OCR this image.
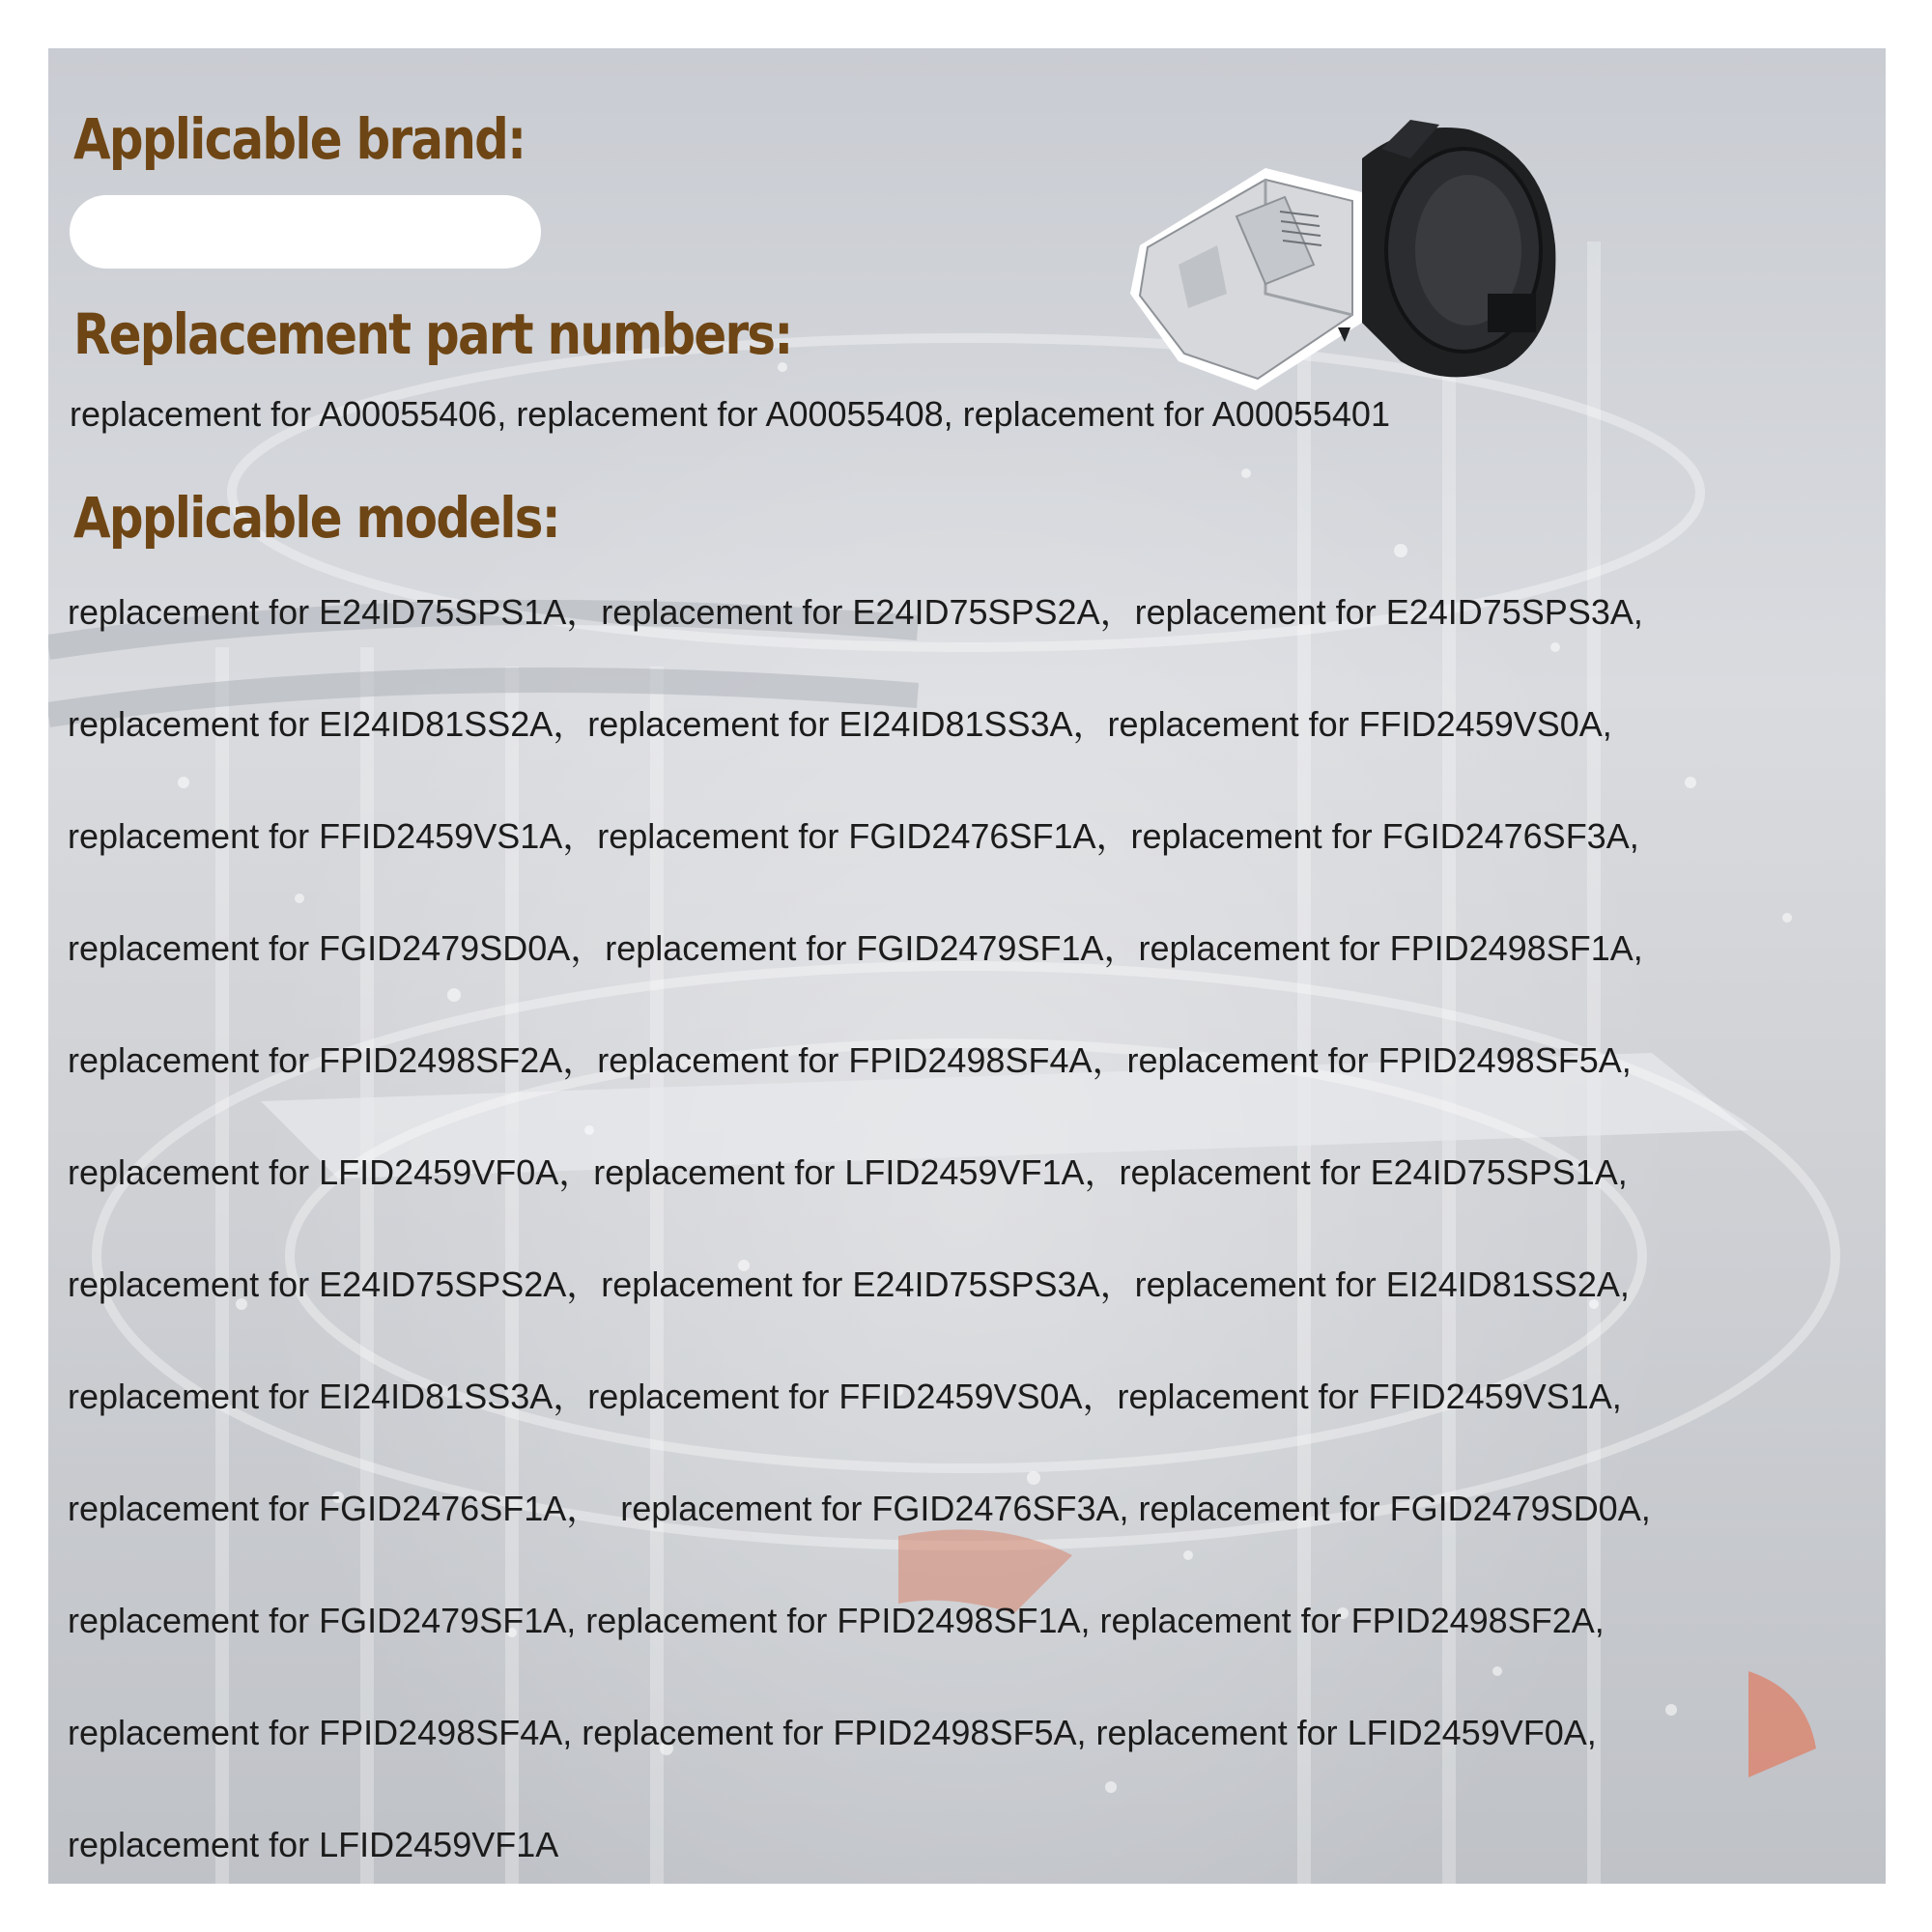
Applicable brand:
Replacement part numbers:

replacement for A00055406, replacement for A00055408, replacement for A00055401

Applicable models:

replacement for E24ID75SPS1A，replacement for E24ID75SPS2A，replacement for E24ID75SPS3A,

replacement for EI24ID81SS2A，replacement for EI24ID81SS3A，replacement for FFID2459VS0A,

replacement for FFID2459VS1A，replacement for FGID2476SF1A，replacement for FGID2476SF3A,

replacement for FGID2479SD0A，replacement for FGID2479SF1A，replacement for FPID2498SF1A,

replacement for FPID2498SF2A，replacement for FPID2498SF4A，replacement for FPID2498SF5A,

replacement for LFID2459VF0A，replacement for LFID2459VF1A，replacement for E24ID75SPS1A,

replacement for E24ID75SPS2A，replacement for E24ID75SPS3A，replacement for EI24ID81SS2A,

replacement for EI24ID81SS3A，replacement for FFID2459VS0A，replacement for FFID2459VS1A,

replacement for FGID2476SF1A，  replacement for FGID2476SF3A, replacement for FGID2479SD0A,

replacement for FGID2479SF1A, replacement for FPID2498SF1A, replacement for FPID2498SF2A,

replacement for FPID2498SF4A, replacement for FPID2498SF5A, replacement for LFID2459VF0A,

replacement for LFID2459VF1A
